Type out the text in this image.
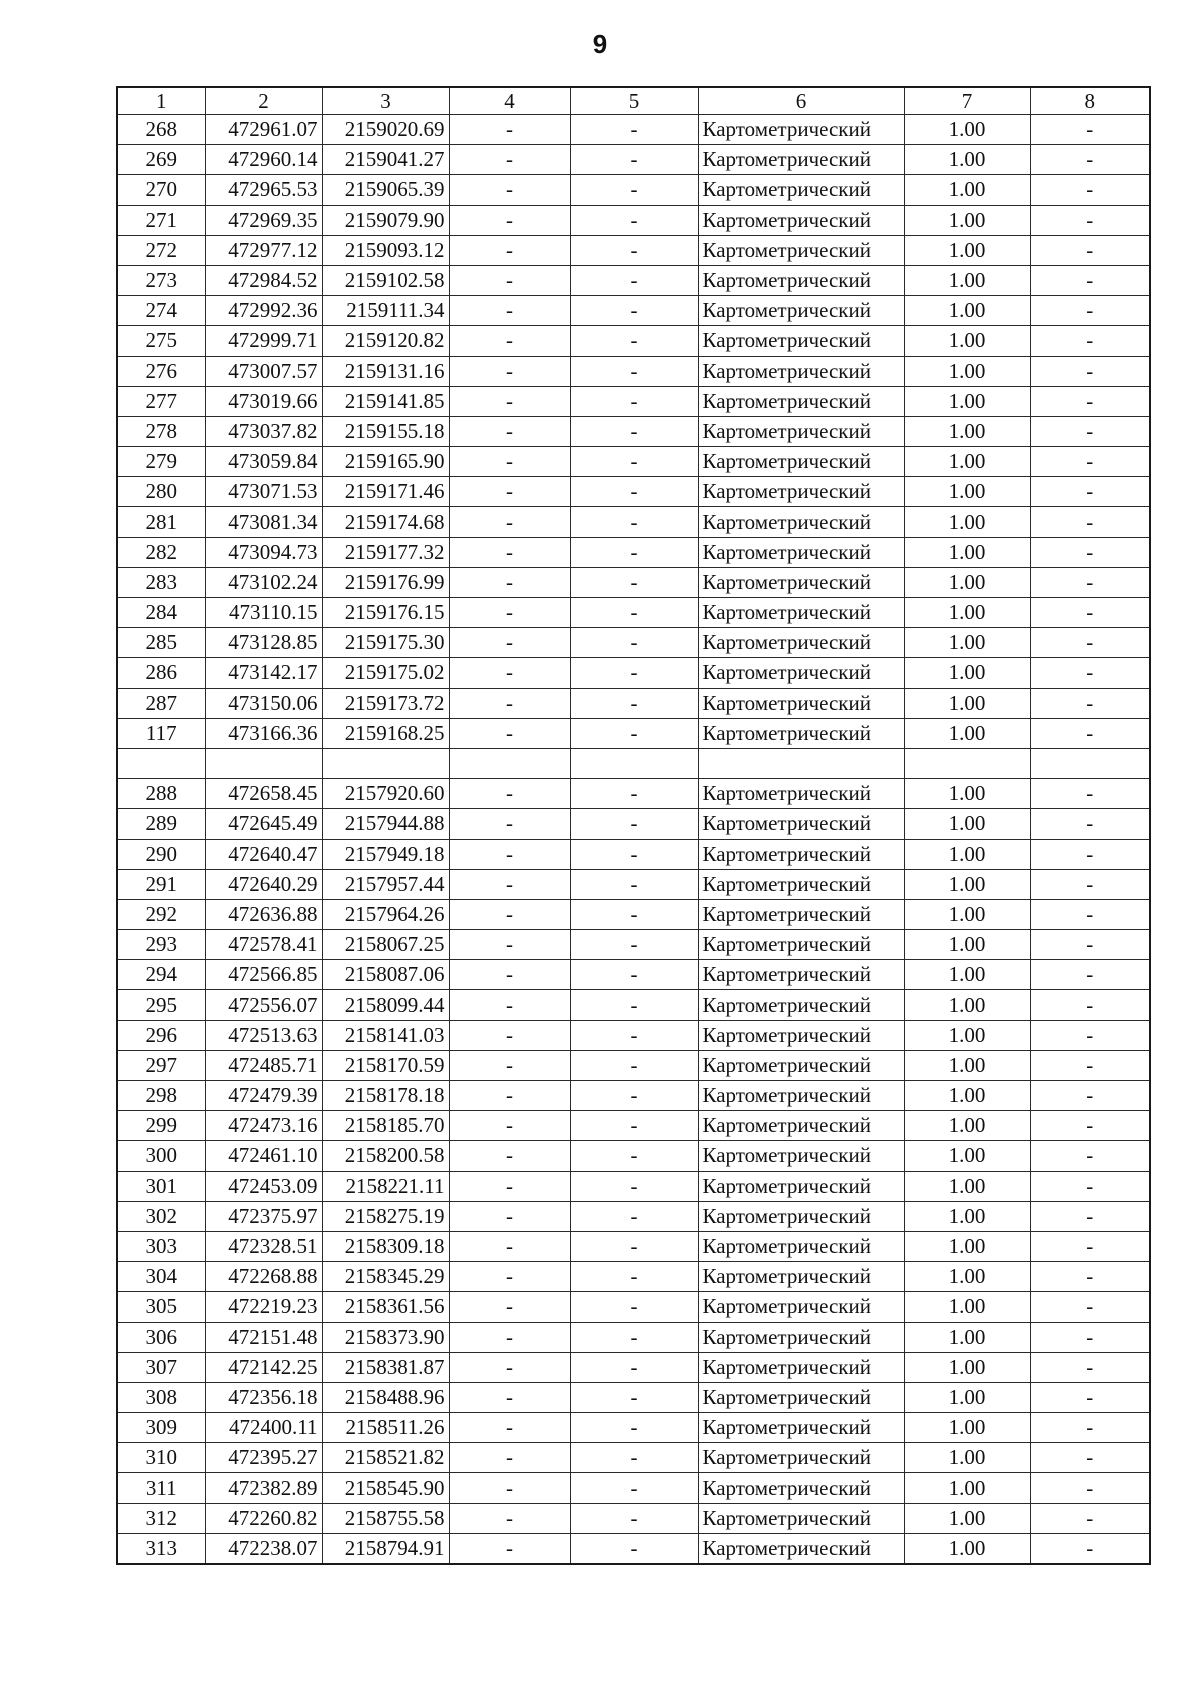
9
1	2	3	4	5	6	7	8
268	472961.07	2159020.69	-	-	Картометрический	1.00	-
269	472960.14	2159041.27	-	-	Картометрический	1.00	-
270	472965.53	2159065.39	-	-	Картометрический	1.00	-
271	472969.35	2159079.90	-	-	Картометрический	1.00	-
272	472977.12	2159093.12	-	-	Картометрический	1.00	-
273	472984.52	2159102.58	-	-	Картометрический	1.00	-
274	472992.36	2159111.34	-	-	Картометрический	1.00	-
275	472999.71	2159120.82	-	-	Картометрический	1.00	-
276	473007.57	2159131.16	-	-	Картометрический	1.00	-
277	473019.66	2159141.85	-	-	Картометрический	1.00	-
278	473037.82	2159155.18	-	-	Картометрический	1.00	-
279	473059.84	2159165.90	-	-	Картометрический	1.00	-
280	473071.53	2159171.46	-	-	Картометрический	1.00	-
281	473081.34	2159174.68	-	-	Картометрический	1.00	-
282	473094.73	2159177.32	-	-	Картометрический	1.00	-
283	473102.24	2159176.99	-	-	Картометрический	1.00	-
284	473110.15	2159176.15	-	-	Картометрический	1.00	-
285	473128.85	2159175.30	-	-	Картометрический	1.00	-
286	473142.17	2159175.02	-	-	Картометрический	1.00	-
287	473150.06	2159173.72	-	-	Картометрический	1.00	-
117	473166.36	2159168.25	-	-	Картометрический	1.00	-

288	472658.45	2157920.60	-	-	Картометрический	1.00	-
289	472645.49	2157944.88	-	-	Картометрический	1.00	-
290	472640.47	2157949.18	-	-	Картометрический	1.00	-
291	472640.29	2157957.44	-	-	Картометрический	1.00	-
292	472636.88	2157964.26	-	-	Картометрический	1.00	-
293	472578.41	2158067.25	-	-	Картометрический	1.00	-
294	472566.85	2158087.06	-	-	Картометрический	1.00	-
295	472556.07	2158099.44	-	-	Картометрический	1.00	-
296	472513.63	2158141.03	-	-	Картометрический	1.00	-
297	472485.71	2158170.59	-	-	Картометрический	1.00	-
298	472479.39	2158178.18	-	-	Картометрический	1.00	-
299	472473.16	2158185.70	-	-	Картометрический	1.00	-
300	472461.10	2158200.58	-	-	Картометрический	1.00	-
301	472453.09	2158221.11	-	-	Картометрический	1.00	-
302	472375.97	2158275.19	-	-	Картометрический	1.00	-
303	472328.51	2158309.18	-	-	Картометрический	1.00	-
304	472268.88	2158345.29	-	-	Картометрический	1.00	-
305	472219.23	2158361.56	-	-	Картометрический	1.00	-
306	472151.48	2158373.90	-	-	Картометрический	1.00	-
307	472142.25	2158381.87	-	-	Картометрический	1.00	-
308	472356.18	2158488.96	-	-	Картометрический	1.00	-
309	472400.11	2158511.26	-	-	Картометрический	1.00	-
310	472395.27	2158521.82	-	-	Картометрический	1.00	-
311	472382.89	2158545.90	-	-	Картометрический	1.00	-
312	472260.82	2158755.58	-	-	Картометрический	1.00	-
313	472238.07	2158794.91	-	-	Картометрический	1.00	-
